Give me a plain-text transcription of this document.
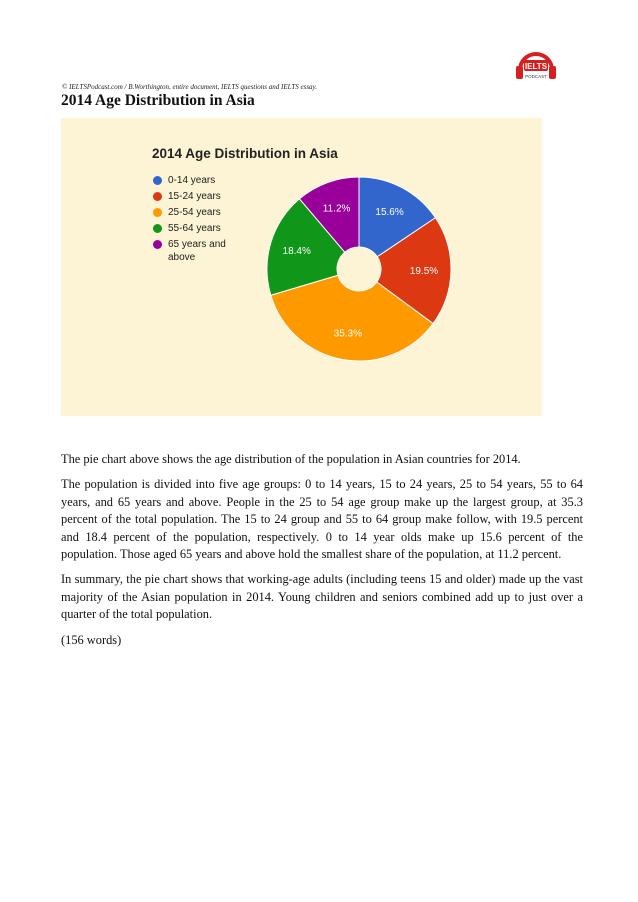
© IELTSPodcast.com / B.Worthington, entire document, IELTS questions and IELTS essay.
2014 Age Distribution in Asia
IELTS
PODCAST
15.6%
19.5%
35.3%
18.4%
11.2%
2014 Age Distribution in Asia
0-14 years
15-24 years
25-54 years
55-64 years
65 years and above

The pie chart above shows the age distribution of the population in Asian countries for 2014.

The population is divided into five age groups: 0 to 14 years, 15 to 24 years, 25 to 54 years, 55 to 64 years, and 65 years and above. People in the 25 to 54 age group make up the largest group, at 35.3 percent of the total population. The 15 to 24 group and 55 to 64 group make follow, with 19.5 percent and 18.4 percent of the population, respectively. 0 to 14 year olds make up 15.6 percent of the population. Those aged 65 years and above hold the smallest share of the population, at 11.2 percent.

In summary, the pie chart shows that working-age adults (including teens 15 and older) made up the vast majority of the Asian population in 2014. Young children and seniors combined add up to just over a quarter of the total population.

(156 words)
